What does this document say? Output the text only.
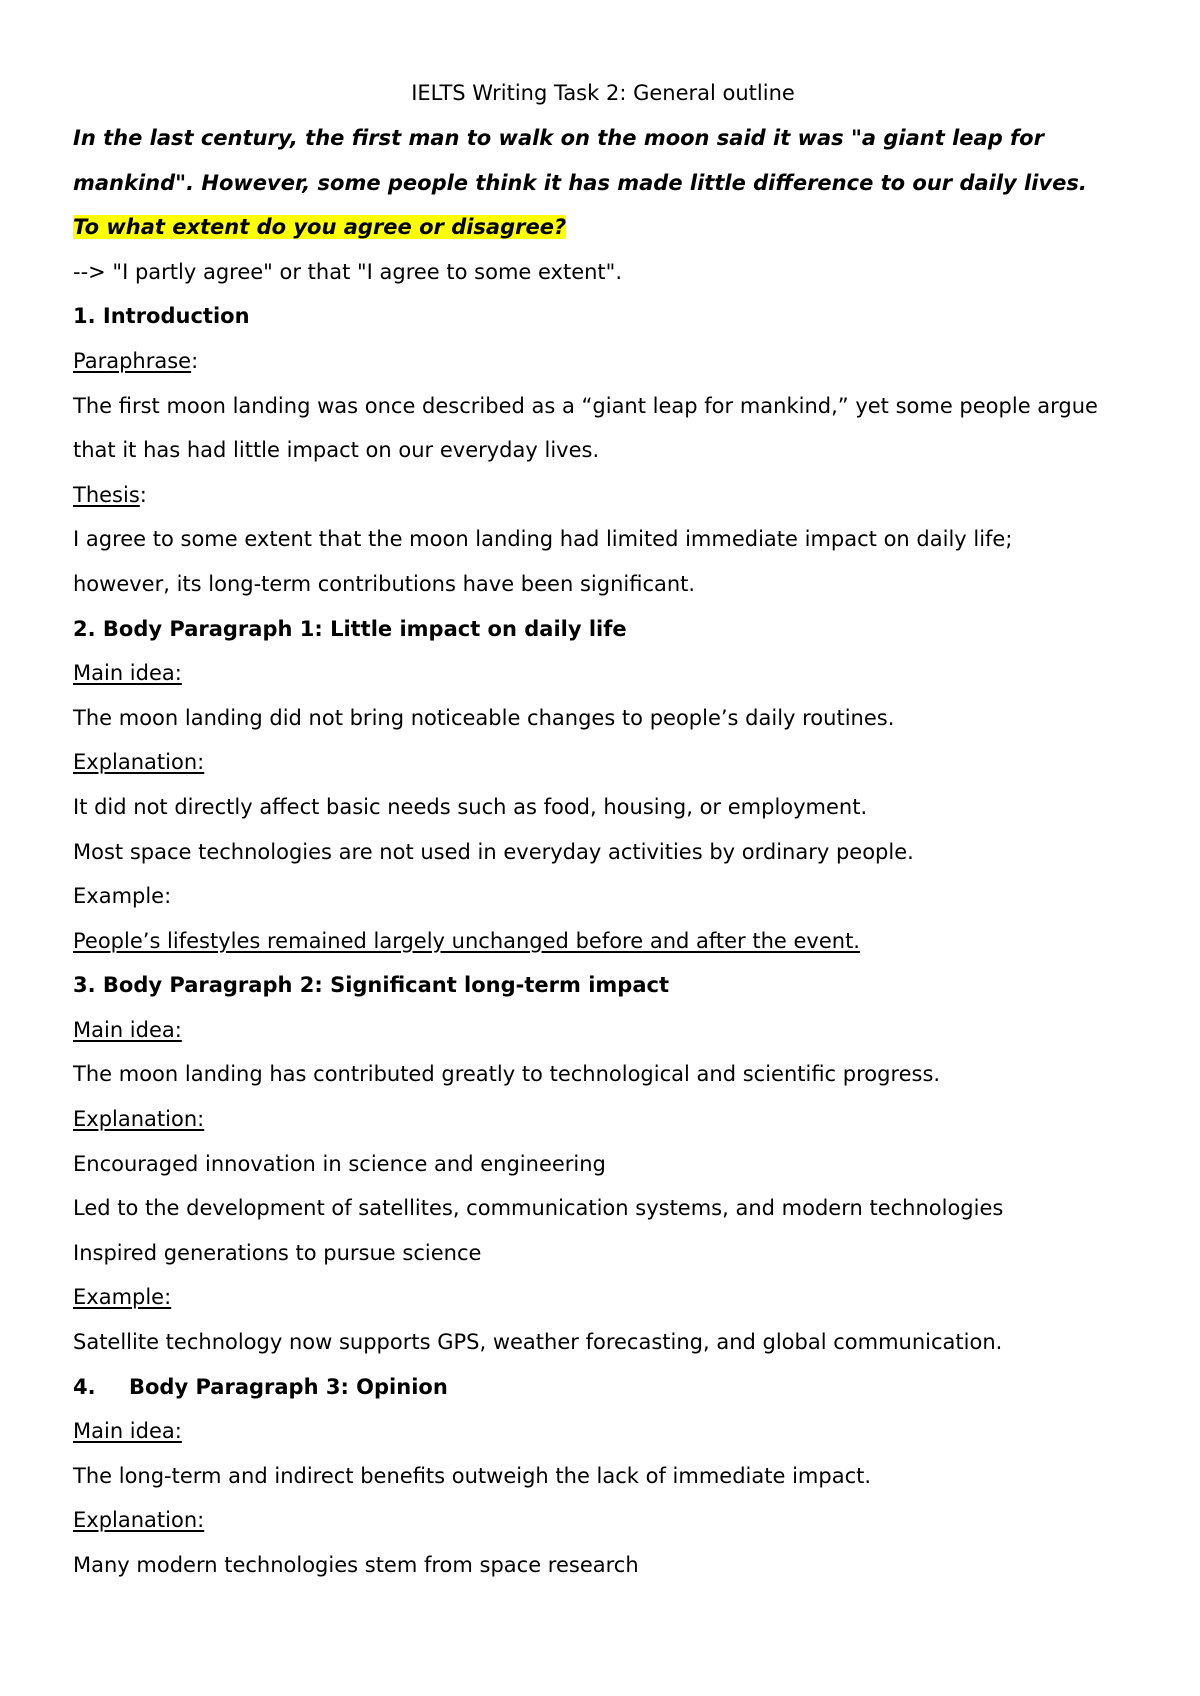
IELTS Writing Task 2: General outline
In the last century, the first man to walk on the moon said it was "a giant leap for
mankind". However, some people think it has made little difference to our daily lives.
To what extent do you agree or disagree?
--> "I partly agree" or that "I agree to some extent".
1. Introduction
Paraphrase:
The first moon landing was once described as a “giant leap for mankind,” yet some people argue
that it has had little impact on our everyday lives.
Thesis:
I agree to some extent that the moon landing had limited immediate impact on daily life;
however, its long-term contributions have been significant.
2. Body Paragraph 1: Little impact on daily life
Main idea:
The moon landing did not bring noticeable changes to people’s daily routines.
Explanation:
It did not directly affect basic needs such as food, housing, or employment.
Most space technologies are not used in everyday activities by ordinary people.
Example:
People’s lifestyles remained largely unchanged before and after the event.
3. Body Paragraph 2: Significant long-term impact
Main idea:
The moon landing has contributed greatly to technological and scientific progress.
Explanation:
Encouraged innovation in science and engineering
Led to the development of satellites, communication systems, and modern technologies
Inspired generations to pursue science
Example:
Satellite technology now supports GPS, weather forecasting, and global communication.
4. Body Paragraph 3: Opinion
Main idea:
The long-term and indirect benefits outweigh the lack of immediate impact.
Explanation:
Many modern technologies stem from space research
